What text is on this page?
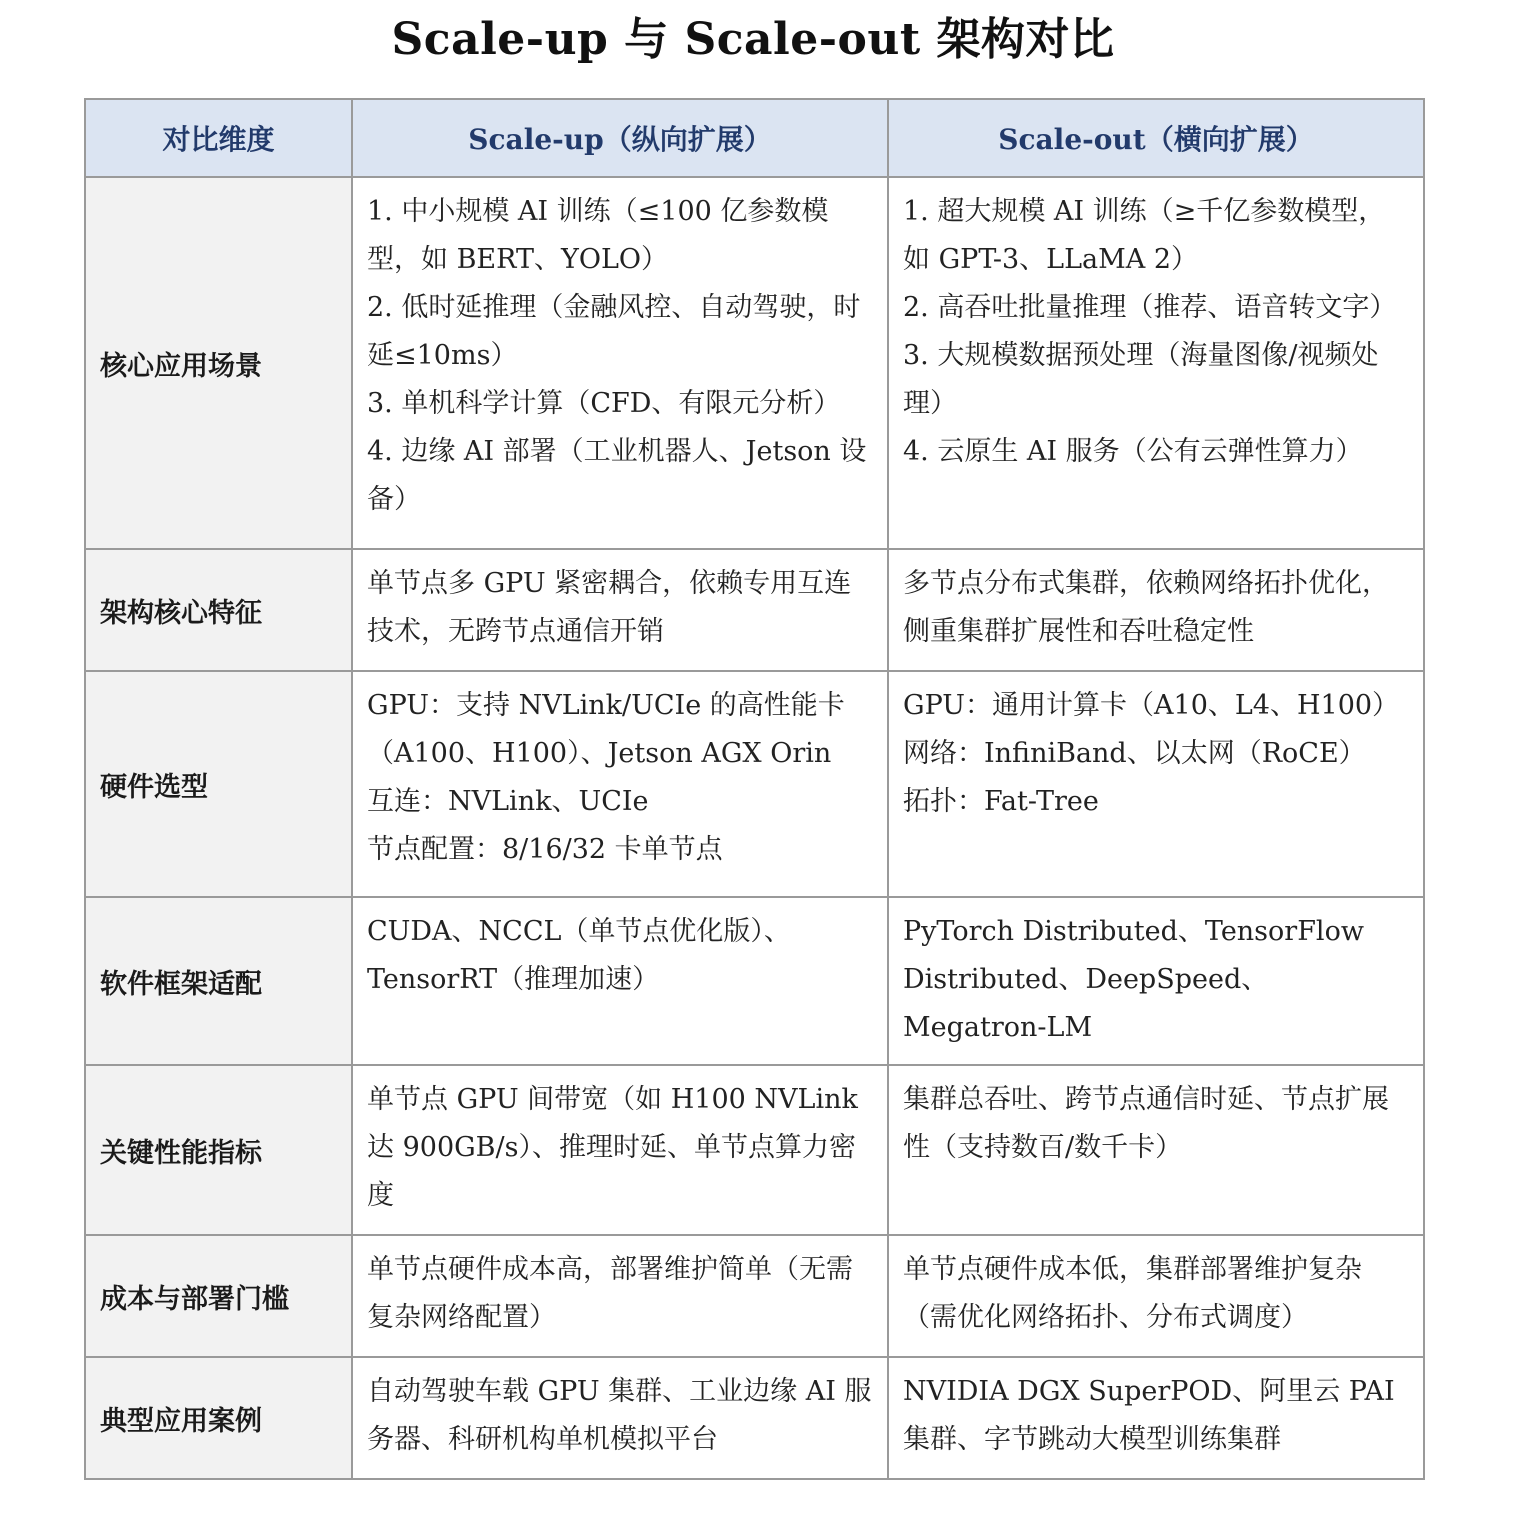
Scale-up 与 Scale-out 架构对比
对比维度	Scale-up（纵向扩展）	Scale-out（横向扩展）
核心应用场景	1. 中小规模 AI 训练（≤100 亿参数模型，如 BERT、YOLO）
2. 低时延推理（金融风控、自动驾驶，时延≤10ms）
3. 单机科学计算（CFD、有限元分析）
4. 边缘 AI 部署（工业机器人、Jetson 设备）	1. 超大规模 AI 训练（≥千亿参数模型，如 GPT-3、LLaMA 2）
2. 高吞吐批量推理（推荐、语音转文字）
3. 大规模数据预处理（海量图像/视频处理）
4. 云原生 AI 服务（公有云弹性算力）

架构核心特征	单节点多 GPU 紧密耦合，依赖专用互连技术，无跨节点通信开销	多节点分布式集群，依赖网络拓扑优化，侧重集群扩展性和吞吐稳定性

硬件选型	GPU：支持 NVLink/UCIe 的高性能卡（A100、H100）、Jetson AGX Orin
互连：NVLink、UCIe
节点配置：8/16/32 卡单节点	GPU：通用计算卡（A10、L4、H100）
网络：InfiniBand、以太网（RoCE）
拓扑：Fat-Tree

软件框架适配	CUDA、NCCL（单节点优化版）、TensorRT（推理加速）	PyTorch Distributed、TensorFlow Distributed、DeepSpeed、Megatron-LM

关键性能指标	单节点 GPU 间带宽（如 H100 NVLink 达 900GB/s）、推理时延、单节点算力密度	集群总吞吐、跨节点通信时延、节点扩展性（支持数百/数千卡）

成本与部署门槛	单节点硬件成本高，部署维护简单（无需复杂网络配置）	单节点硬件成本低，集群部署维护复杂（需优化网络拓扑、分布式调度）

典型应用案例	自动驾驶车载 GPU 集群、工业边缘 AI 服务器、科研机构单机模拟平台	NVIDIA DGX SuperPOD、阿里云 PAI 集群、字节跳动大模型训练集群
